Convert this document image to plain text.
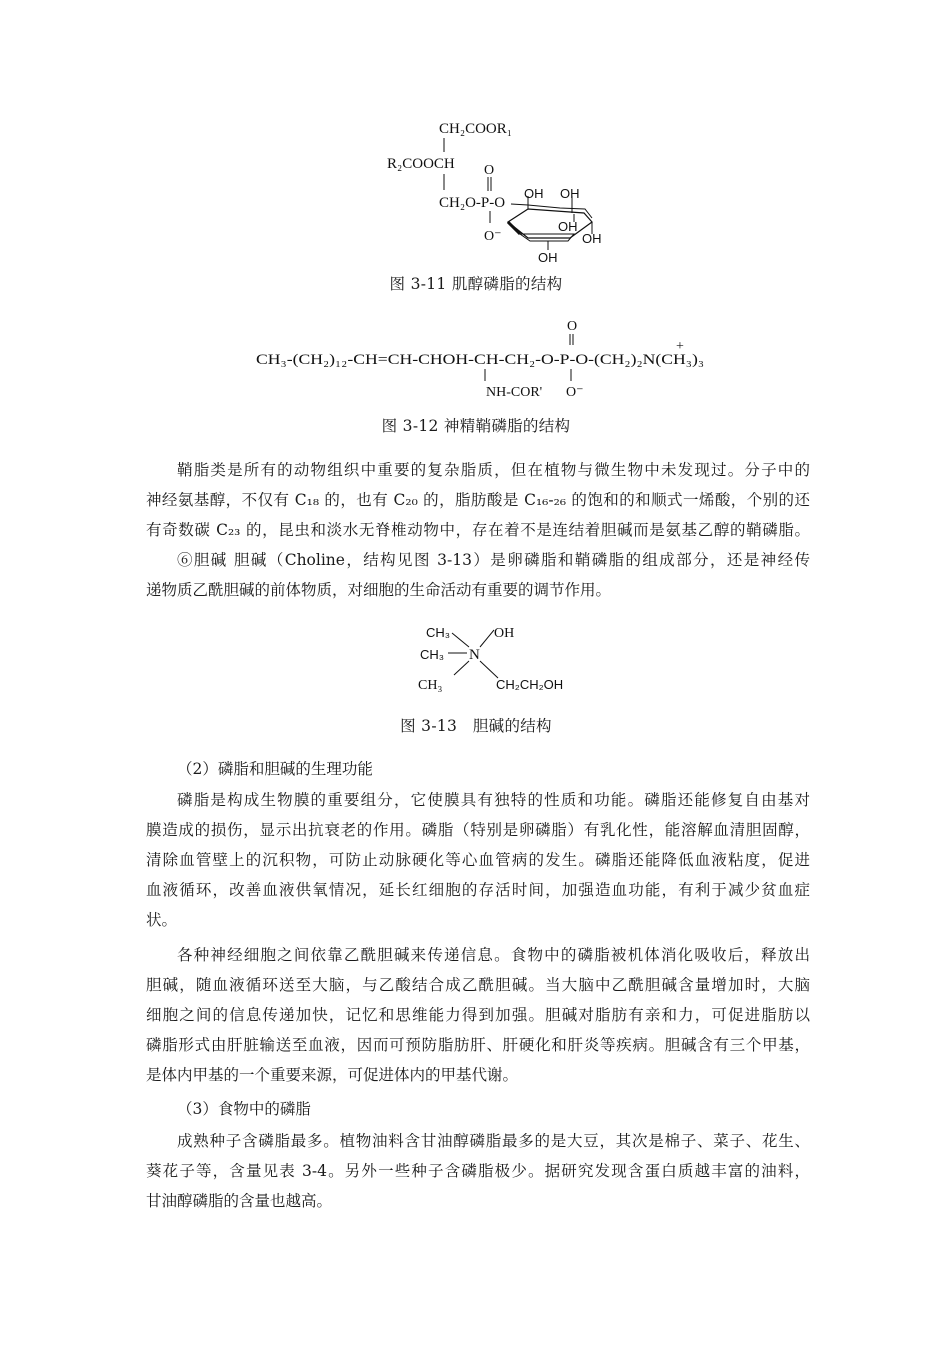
CH₂COOR₁
R₂COOCH
CH₂O-P-O
O
O⁻
OH OH
OH
OH
OH
图 3-11 肌醇磷脂的结构
O
+
CH₃-(CH₂)₁₂-CH=CH-CHOH-CH-CH₂-O-P-O-(CH₂)₂N(CH₃)₃
NH-COR' O⁻
图 3-12 神精鞘磷脂的结构
鞘脂类是所有的动物组织中重要的复杂脂质，但在植物与微生物中未发现过。分子中的
神经氨基醇，不仅有 C₁₈ 的，也有 C₂₀ 的，脂肪酸是 C₁₆-₂₆ 的饱和的和顺式一烯酸，个别的还
有奇数碳 C₂₃ 的，昆虫和淡水无脊椎动物中，存在着不是连结着胆碱而是氨基乙醇的鞘磷脂。
⑥胆碱 胆碱（Choline，结构见图 3-13）是卵磷脂和鞘磷脂的组成部分，还是神经传
递物质乙酰胆碱的前体物质，对细胞的生命活动有重要的调节作用。
CH₃	OH
CH₃ N
CH₃	CH₂CH₂OH
图 3-13   胆碱的结构
（2）磷脂和胆碱的生理功能
磷脂是构成生物膜的重要组分，它使膜具有独特的性质和功能。磷脂还能修复自由基对
膜造成的损伤，显示出抗衰老的作用。磷脂（特别是卵磷脂）有乳化性，能溶解血清胆固醇，
清除血管壁上的沉积物，可防止动脉硬化等心血管病的发生。磷脂还能降低血液粘度，促进
血液循环，改善血液供氧情况，延长红细胞的存活时间，加强造血功能，有利于减少贫血症
状。
各种神经细胞之间依靠乙酰胆碱来传递信息。食物中的磷脂被机体消化吸收后，释放出
胆碱，随血液循环送至大脑，与乙酸结合成乙酰胆碱。当大脑中乙酰胆碱含量增加时，大脑
细胞之间的信息传递加快，记忆和思维能力得到加强。胆碱对脂肪有亲和力，可促进脂肪以
磷脂形式由肝脏输送至血液，因而可预防脂肪肝、肝硬化和肝炎等疾病。胆碱含有三个甲基，
是体内甲基的一个重要来源，可促进体内的甲基代谢。
（3）食物中的磷脂
成熟种子含磷脂最多。植物油料含甘油醇磷脂最多的是大豆，其次是棉子、菜子、花生、
葵花子等，含量见表 3-4。另外一些种子含磷脂极少。据研究发现含蛋白质越丰富的油料，
甘油醇磷脂的含量也越高。
